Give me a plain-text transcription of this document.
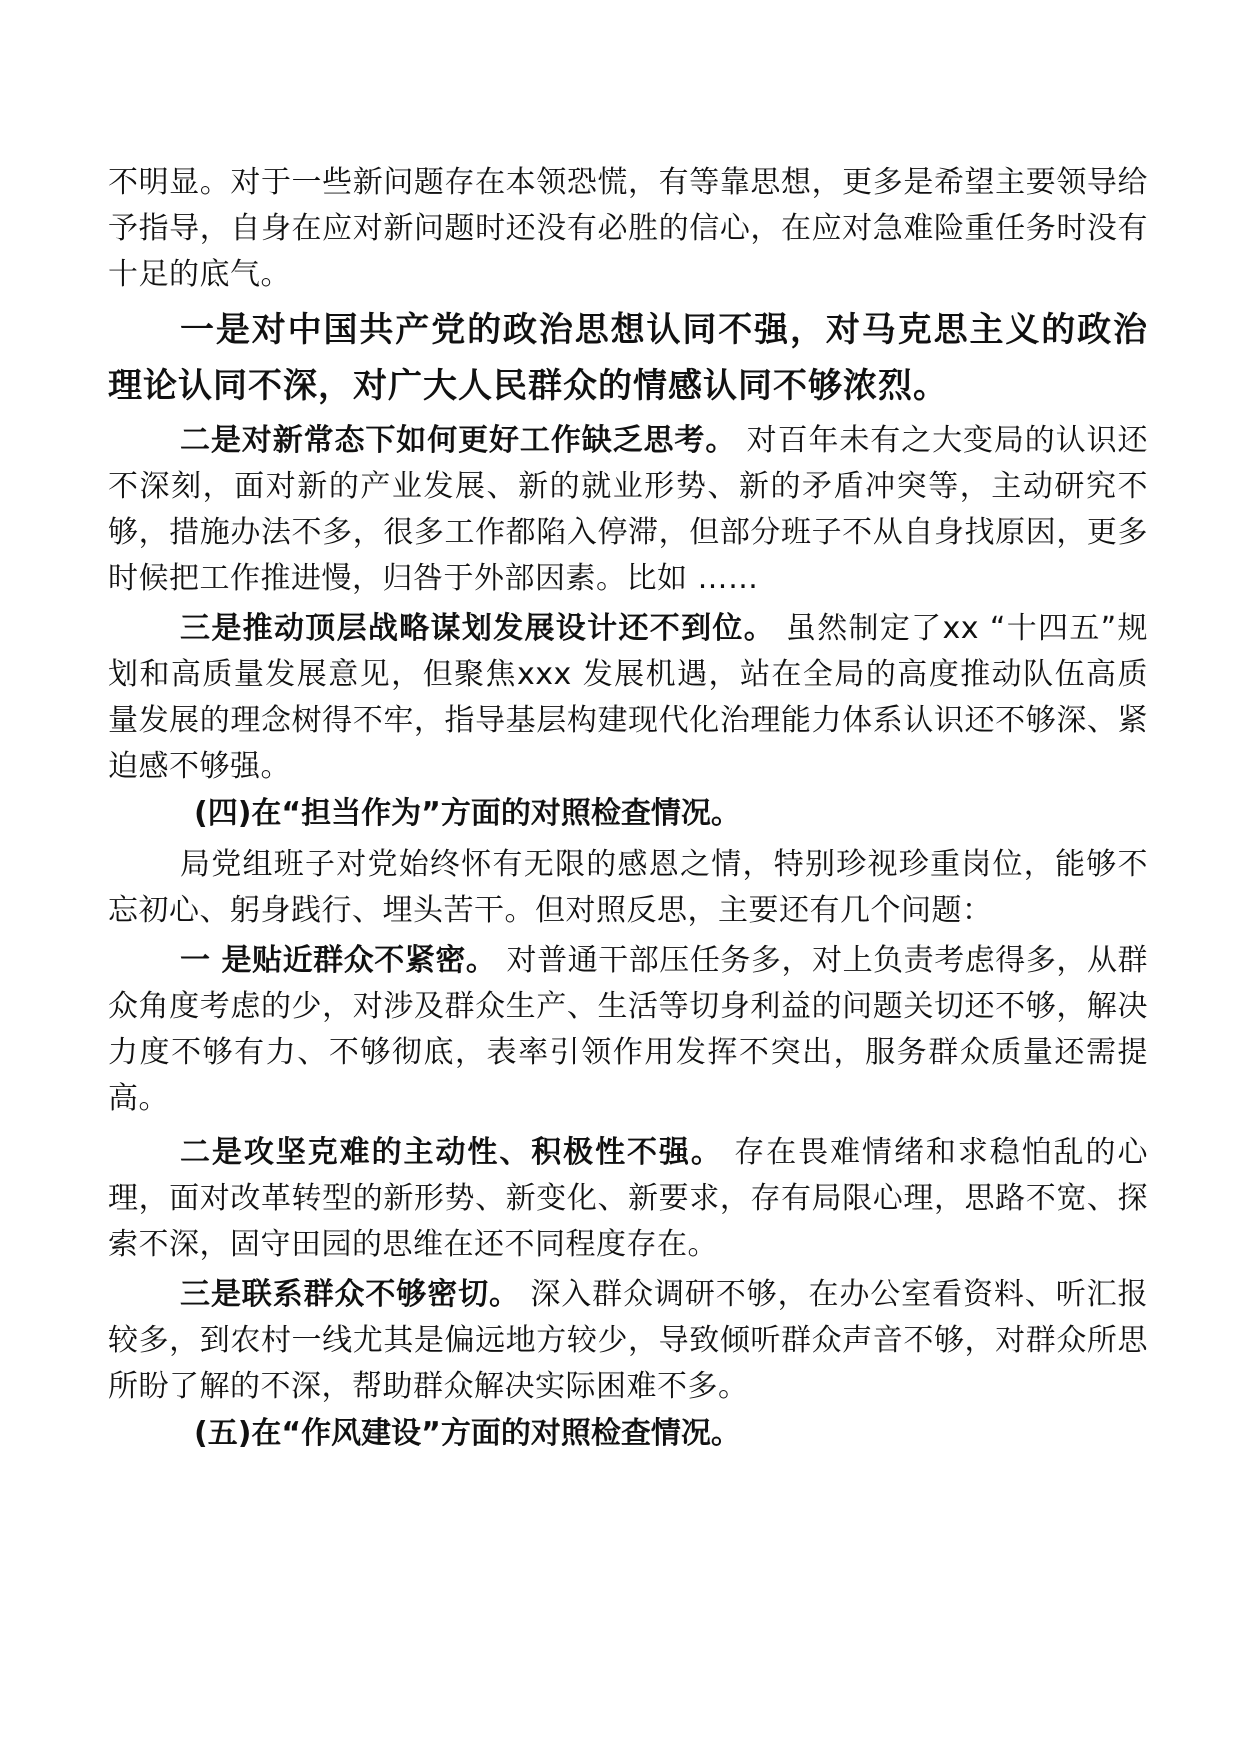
不明显。对于一些新问题存在本领恐慌，有等靠思想，更多是希望主要领导给予指导，自身在应对新问题时还没有必胜的信心，在应对急难险重任务时没有十足的底气。

一是对中国共产党的政治思想认同不强，对马克思主义的政治理论认同不深，对广大人民群众的情感认同不够浓烈。

二是对新常态下如何更好工作缺乏思考。 对百年未有之大变局的认识还不深刻，面对新的产业发展、新的就业形势、新的矛盾冲突等，主动研究不够，措施办法不多，很多工作都陷入停滞，但部分班子不从自身找原因，更多时候把工作推进慢，归咎于外部因素。比如 ……

三是推动顶层战略谋划发展设计还不到位。 虽然制定了xx “十四五”规划和高质量发展意见，但聚焦xxx 发展机遇，站在全局的高度推动队伍高质量发展的理念树得不牢，指导基层构建现代化治理能力体系认识还不够深、紧迫感不够强。

(四)在“担当作为”方面的对照检查情况。

局党组班子对党始终怀有无限的感恩之情，特别珍视珍重岗位，能够不忘初心、躬身践行、埋头苦干。但对照反思，主要还有几个问题：

一 是贴近群众不紧密。 对普通干部压任务多，对上负责考虑得多，从群众角度考虑的少，对涉及群众生产、生活等切身利益的问题关切还不够，解决力度不够有力、不够彻底，表率引领作用发挥不突出，服务群众质量还需提高。

二是攻坚克难的主动性、积极性不强。 存在畏难情绪和求稳怕乱的心理，面对改革转型的新形势、新变化、新要求，存有局限心理，思路不宽、探索不深，固守田园的思维在还不同程度存在。

三是联系群众不够密切。 深入群众调研不够，在办公室看资料、听汇报较多，到农村一线尤其是偏远地方较少，导致倾听群众声音不够，对群众所思所盼了解的不深，帮助群众解决实际困难不多。

(五)在“作风建设”方面的对照检查情况。
